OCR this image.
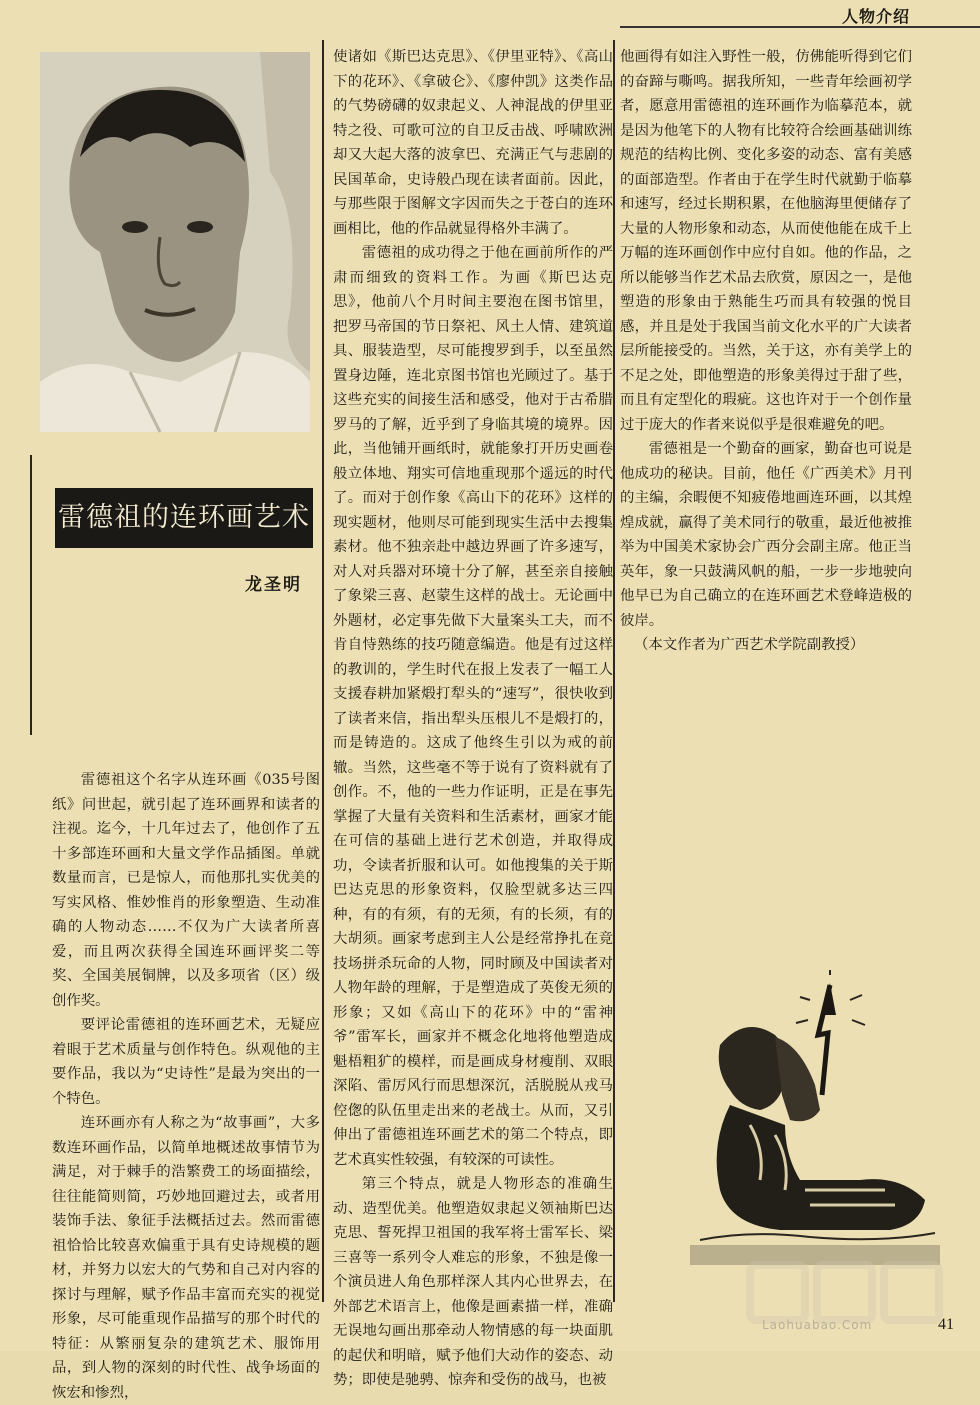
人物介绍
雷德祖的连环画艺术
龙圣明

雷德祖这个名字从连环画《035号图纸》问世起，就引起了连环画界和读者的注视。迄今，十几年过去了，他创作了五十多部连环画和大量文学作品插图。单就数量而言，已是惊人，而他那扎实优美的写实风格、惟妙惟肖的形象塑造、生动准确的人物动态……不仅为广大读者所喜爱，而且两次获得全国连环画评奖二等奖、全国美展铜牌，以及多项省（区）级创作奖。

要评论雷德祖的连环画艺术，无疑应着眼于艺术质量与创作特色。纵观他的主要作品，我以为“史诗性”是最为突出的一个特色。

连环画亦有人称之为“故事画”，大多数连环画作品，以简单地概述故事情节为满足，对于棘手的浩繁费工的场面描绘，往往能简则简，巧妙地回避过去，或者用装饰手法、象征手法概括过去。然而雷德祖恰恰比较喜欢偏重于具有史诗规模的题材，并努力以宏大的气势和自己对内容的探讨与理解，赋予作品丰富而充实的视觉形象，尽可能重现作品描写的那个时代的特征：从繁丽复杂的建筑艺术、服饰用品，到人物的深刻的时代性、战争场面的恢宏和惨烈，

使诸如《斯巴达克思》、《伊里亚特》、《高山下的花环》、《拿破仑》、《廖仲凯》这类作品的气势磅礴的奴隶起义、人神混战的伊里亚特之役、可歌可泣的自卫反击战、呼啸欧洲却又大起大落的波拿巴、充满正气与悲剧的民国革命，史诗般凸现在读者面前。因此，与那些限于图解文字因而失之于苍白的连环画相比，他的作品就显得格外丰满了。

雷德祖的成功得之于他在画前所作的严肃而细致的资料工作。为画《斯巴达克思》，他前八个月时间主要泡在图书馆里，把罗马帝国的节日祭祀、风土人情、建筑道具、服装造型，尽可能搜罗到手，以至虽然置身边陲，连北京图书馆也光顾过了。基于这些充实的间接生活和感受，他对于古希腊罗马的了解，近乎到了身临其境的境界。因此，当他铺开画纸时，就能象打开历史画卷般立体地、翔实可信地重现那个遥远的时代了。而对于创作象《高山下的花环》这样的现实题材，他则尽可能到现实生活中去搜集素材。他不独亲赴中越边界画了许多速写，对人对兵器对环境十分了解，甚至亲自接触了象梁三喜、赵蒙生这样的战士。无论画中外题材，必定事先做下大量案头工夫，而不肯自恃熟练的技巧随意编造。他是有过这样的教训的，学生时代在报上发表了一幅工人支援春耕加紧煅打犁头的“速写”，很快收到了读者来信，指出犁头压根儿不是煅打的，而是铸造的。这成了他终生引以为戒的前辙。当然，这些毫不等于说有了资料就有了创作。不，他的一些力作证明，正是在事先掌握了大量有关资料和生活素材，画家才能在可信的基础上进行艺术创造，并取得成功，令读者折服和认可。如他搜集的关于斯巴达克思的形象资料，仅脸型就多达三四种，有的有须，有的无须，有的长须，有的大胡须。画家考虑到主人公是经常挣扎在竞技场拼杀玩命的人物，同时顾及中国读者对人物年龄的理解，于是塑造成了英俊无须的形象；又如《高山下的花环》中的“雷神爷”雷军长，画家并不概念化地将他塑造成魁梧粗犷的模样，而是画成身材瘦削、双眼深陷、雷厉风行而思想深沉，活脱脱从戎马倥偬的队伍里走出来的老战士。从而，又引伸出了雷德祖连环画艺术的第二个特点，即艺术真实性较强，有较深的可读性。

第三个特点，就是人物形态的准确生动、造型优美。他塑造奴隶起义领袖斯巴达克思、誓死捍卫祖国的我军将士雷军长、梁三喜等一系列令人难忘的形象，不独是像一个演员进人角色那样深人其内心世界去，在外部艺术语言上，他像是画素描一样，准确无误地勾画出那牵动人物情感的每一块面肌的起伏和明暗，赋予他们大动作的姿态、动势；即使是驰骋、惊奔和受伤的战马，也被

他画得有如注入野性一般，仿佛能听得到它们的奋蹄与嘶鸣。据我所知，一些青年绘画初学者，愿意用雷德祖的连环画作为临摹范本，就是因为他笔下的人物有比较符合绘画基础训练规范的结构比例、变化多姿的动态、富有美感的面部造型。作者由于在学生时代就勤于临摹和速写，经过长期积累，在他脑海里便储存了大量的人物形象和动态，从而使他能在成千上万幅的连环画创作中应付自如。他的作品，之所以能够当作艺术品去欣赏，原因之一，是他塑造的形象由于熟能生巧而具有较强的悦目感，并且是处于我国当前文化水平的广大读者层所能接受的。当然，关于这，亦有美学上的不足之处，即他塑造的形象美得过于甜了些，而且有定型化的瑕疵。这也许对于一个创作量过于庞大的作者来说似乎是很难避免的吧。

雷德祖是一个勤奋的画家，勤奋也可说是他成功的秘诀。目前，他任《广西美术》月刊的主编，余暇便不知疲倦地画连环画，以其煌煌成就，赢得了美术同行的敬重，最近他被推举为中国美术家协会广西分会副主席。他正当英年，象一只鼓满风帆的船，一步一步地驶向他早已为自己确立的在连环画艺术登峰造极的彼岸。

（本文作者为广西艺术学院副教授）

Laohuabao.Com	41
